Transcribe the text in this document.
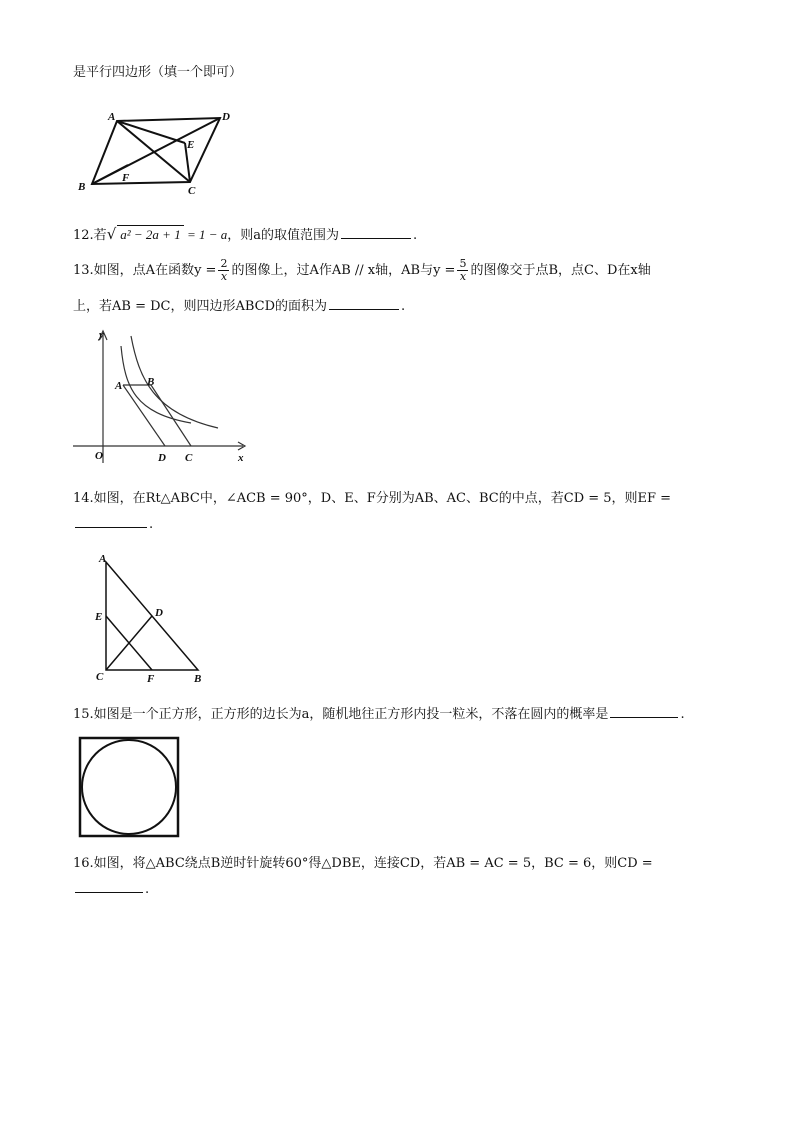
是平行四边形（填一个即可）
A	D
E
F
B	C
12.若√ a² − 2a + 1 = 1 − a，则a的取值范围为	.
13.如图，点A在函数$y = \frac{2}{x}$ 的图像上，过A作AB // x轴，AB与$y = \frac{5}{x}$ 的图像交于点B，点C、D在x轴
上，若AB = DC，则四边形ABCD的面积为	.
y
x
O
A B
D C
14.如图，在Rt△ABC中，∠ACB = 90°，D、E、F分别为AB、AC、BC的中点，若CD = 5，则EF =
.
A
E	D
C	F	B
15.如图是一个正方形，正方形的边长为a，随机地往正方形内投一粒米，不落在圆内的概率是	.
16.如图，将△ABC绕点B逆时针旋转60°得△DBE，连接CD，若AB = AC = 5，BC = 6，则CD =
.
